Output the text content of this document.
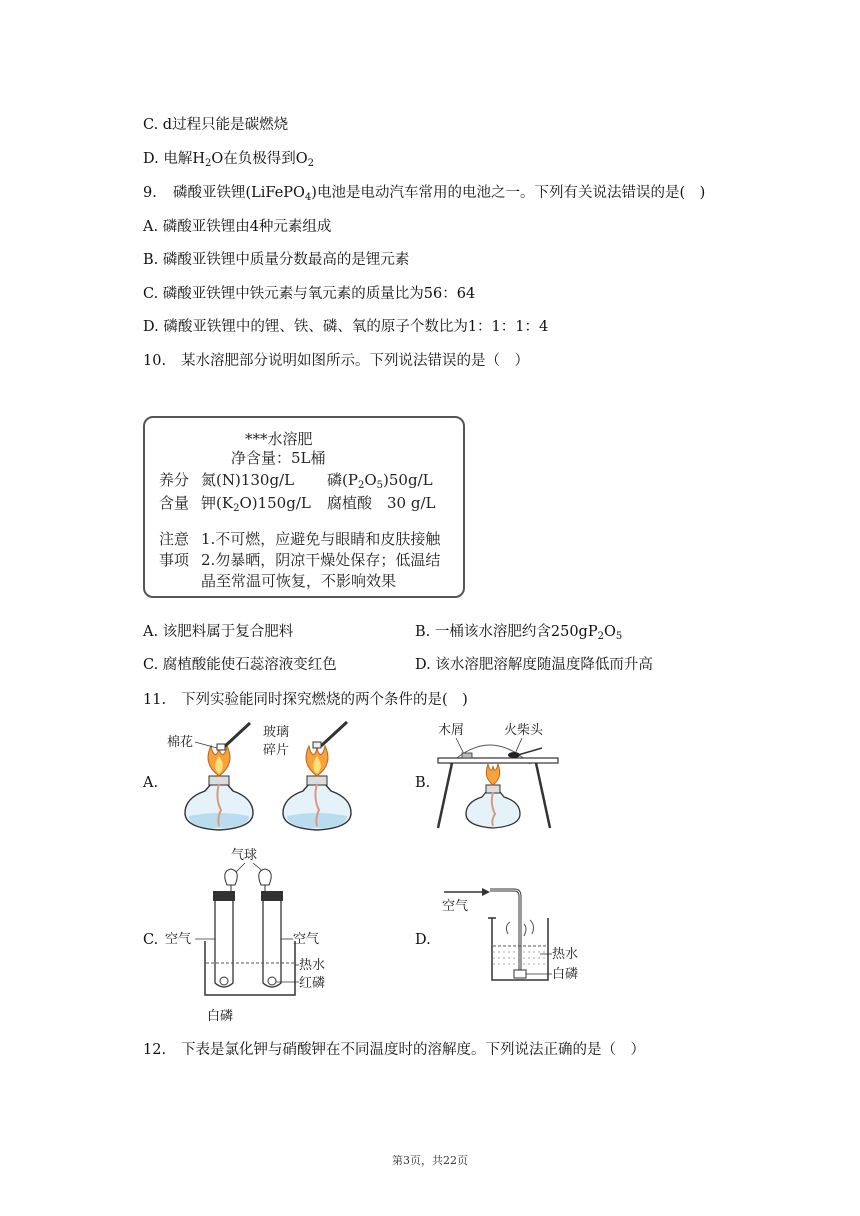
C. d过程只能是碳燃烧
D. 电解$H_2O$在负极得到$O_2$
9. 磷酸亚铁锂(LiFePO$_4$)电池是电动汽车常用的电池之一。下列有关说法错误的是(　)
A. 磷酸亚铁锂由4种元素组成
B. 磷酸亚铁锂中质量分数最高的是锂元素
C. 磷酸亚铁锂中铁元素与氧元素的质量比为56：64
D. 磷酸亚铁锂中的锂、铁、磷、氧的原子个数比为1：1：1：4
10. 某水溶肥部分说明如图所示。下列说法错误的是（　）
***水溶肥
净含量：5L桶
养分 氮(N)130g/L 磷$(P_2O_5)50g/L$
含量 钾$(K_2O)150g/L$ 腐植酸　30 g/L
注意 1.不可燃，应避免与眼睛和皮肤接触
事项 2.勿暴晒，阴凉干燥处保存；低温结
晶至常温可恢复，不影响效果
A. 该肥料属于复合肥料	B. 一桶该水溶肥约含$250gP_2O_5$
C. 腐植酸能使石蕊溶液变红色	D. 该水溶肥溶解度随温度降低而升高
11. 下列实验能同时探究燃烧的两个条件的是(　)
A.	B.
C.	D.
棉花
玻璃
碎片
木屑	火柴头
气球
空气	空气
热水
红磷
白磷
空气
热水
白磷
12. 下表是氯化钾与硝酸钾在不同温度时的溶解度。下列说法正确的是（　）
第3页，共22页
